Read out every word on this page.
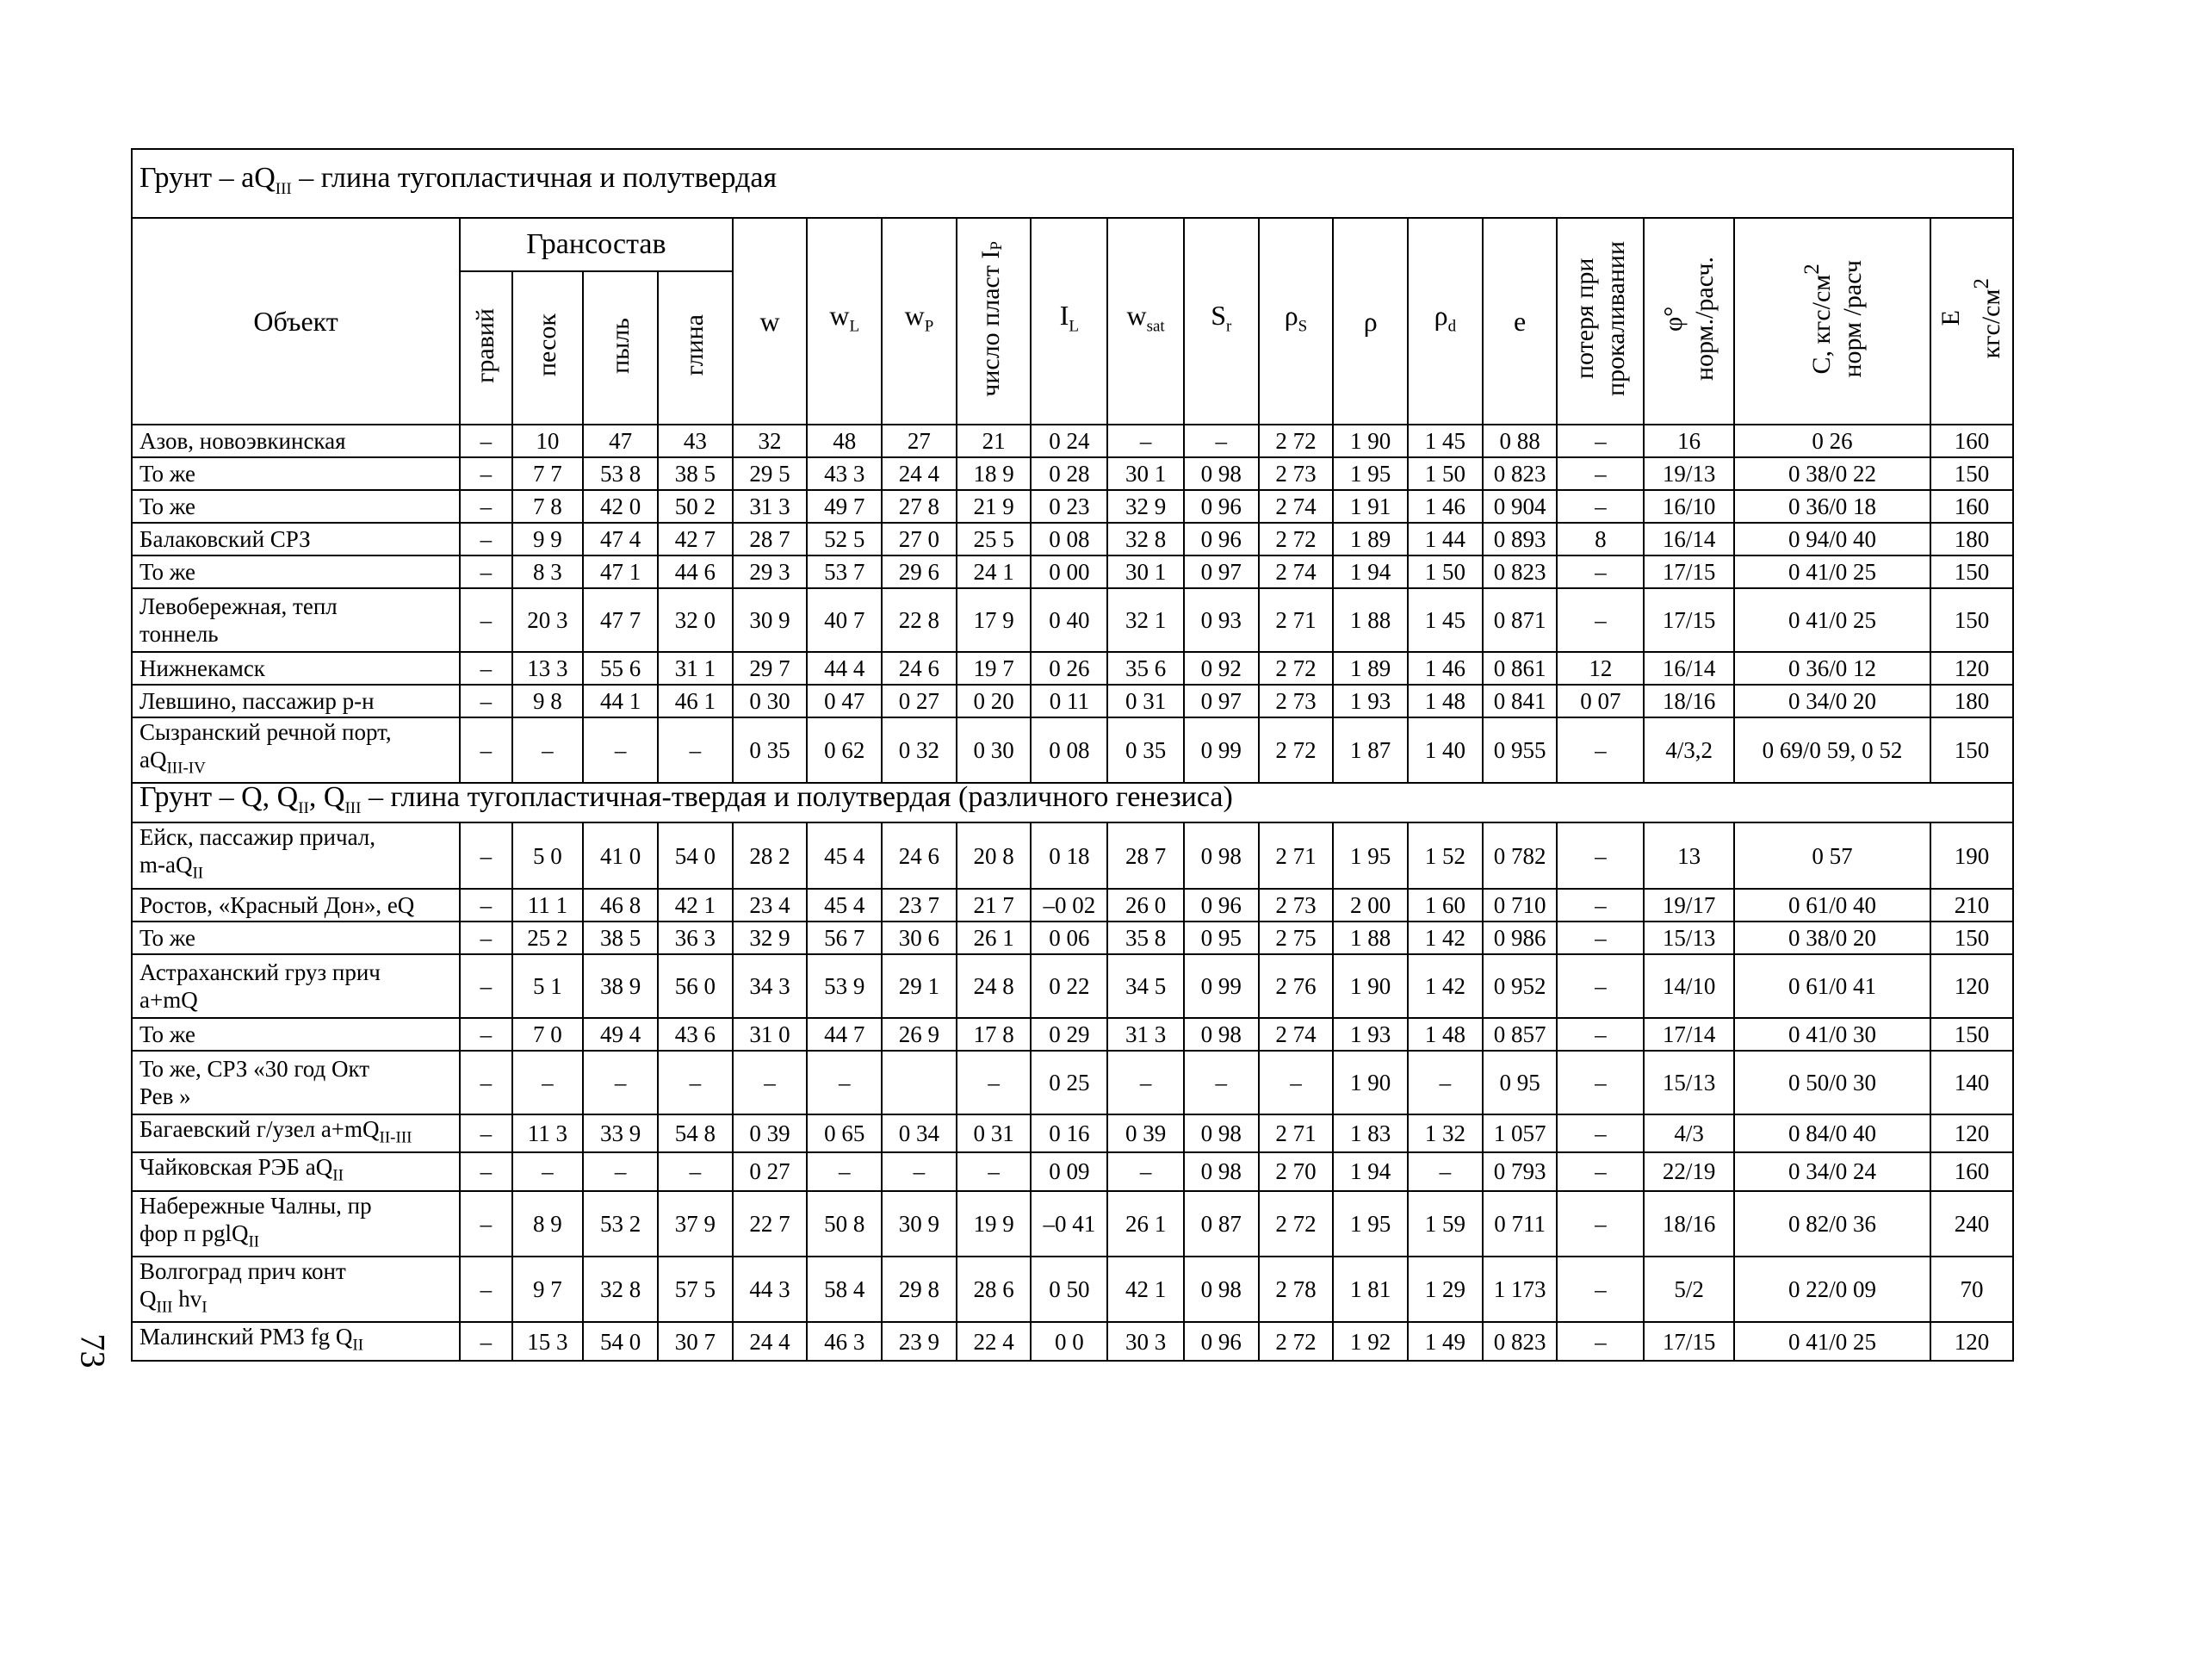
Грунт – $aQ_{III}$ – глина тугопластичная и полутвердая																			
Объект	Грансостав				w	$w_L$	$w_P$	число пласт $I_P$	$I_L$	$w_{sat}$	$S_r$	$\rho_S$	ρ	$\rho_d$	e	потеря при прокаливании	φ° норм./расч.	C, кгс/$см^2$ норм /расч	E кгс/$см^2$
	гравий	песок	пыль	глина															
Азов, новоэвкинская	–	10	47	43	32	48	27	21	0 24	–	–	2 72	1 90	1 45	0 88	–	16	0 26	160
То же	–	7 7	53 8	38 5	29 5	43 3	24 4	18 9	0 28	30 1	0 98	2 73	1 95	1 50	0 823	–	19/13	0 38/0 22	150
То же	–	7 8	42 0	50 2	31 3	49 7	27 8	21 9	0 23	32 9	0 96	2 74	1 91	1 46	0 904	–	16/10	0 36/0 18	160
Балаковский СРЗ	–	9 9	47 4	42 7	28 7	52 5	27 0	25 5	0 08	32 8	0 96	2 72	1 89	1 44	0 893	8	16/14	0 94/0 40	180
То же	–	8 3	47 1	44 6	29 3	53 7	29 6	24 1	0 00	30 1	0 97	2 74	1 94	1 50	0 823	–	17/15	0 41/0 25	150
Левобережная, тепл
тоннель	–	20 3	47 7	32 0	30 9	40 7	22 8	17 9	0 40	32 1	0 93	2 71	1 88	1 45	0 871	–	17/15	0 41/0 25	150
Нижнекамск	–	13 3	55 6	31 1	29 7	44 4	24 6	19 7	0 26	35 6	0 92	2 72	1 89	1 46	0 861	12	16/14	0 36/0 12	120
Левшино, пассажир р-н	–	9 8	44 1	46 1	0 30	0 47	0 27	0 20	0 11	0 31	0 97	2 73	1 93	1 48	0 841	0 07	18/16	0 34/0 20	180
Сызранский речной порт,
$aQ_{III-IV}$	–	–	–	–	0 35	0 62	0 32	0 30	0 08	0 35	0 99	2 72	1 87	1 40	0 955	–	4/3,2	0 69/0 59, 0 52	150
Грунт – Q, $Q_{II}$, $Q_{III}$ – глина тугопластичная-твердая и полутвердая (различного генезиса)																			
Ейск, пассажир причал,
$m-aQ_{II}$	–	5 0	41 0	54 0	28 2	45 4	24 6	20 8	0 18	28 7	0 98	2 71	1 95	1 52	0 782	–	13	0 57	190
Ростов, «Красный Дон», eQ	–	11 1	46 8	42 1	23 4	45 4	23 7	21 7	–0 02	26 0	0 96	2 73	2 00	1 60	0 710	–	19/17	0 61/0 40	210
То же	–	25 2	38 5	36 3	32 9	56 7	30 6	26 1	0 06	35 8	0 95	2 75	1 88	1 42	0 986	–	15/13	0 38/0 20	150
Астраханский груз прич
a+mQ	–	5 1	38 9	56 0	34 3	53 9	29 1	24 8	0 22	34 5	0 99	2 76	1 90	1 42	0 952	–	14/10	0 61/0 41	120
То же	–	7 0	49 4	43 6	31 0	44 7	26 9	17 8	0 29	31 3	0 98	2 74	1 93	1 48	0 857	–	17/14	0 41/0 30	150
То же, СРЗ «30 год Окт
Рев »	–	–	–	–	–	–		–	0 25	–	–	–	1 90	–	0 95	–	15/13	0 50/0 30	140
Багаевский г/узел $a+mQ_{II-III}$	–	11 3	33 9	54 8	0 39	0 65	0 34	0 31	0 16	0 39	0 98	2 71	1 83	1 32	1 057	–	4/3	0 84/0 40	120
Чайковская РЭБ $aQ_{II}$	–	–	–	–	0 27	–	–	–	0 09	–	0 98	2 70	1 94	–	0 793	–	22/19	0 34/0 24	160
Набережные Чалны, пр
фор п pglQ$_{II}$	–	8 9	53 2	37 9	22 7	50 8	30 9	19 9	–0 41	26 1	0 87	2 72	1 95	1 59	0 711	–	18/16	0 82/0 36	240
Волгоград прич конт
$Q_{III}$ $hv_I$	–	9 7	32 8	57 5	44 3	58 4	29 8	28 6	0 50	42 1	0 98	2 78	1 81	1 29	1 173	–	5/2	0 22/0 09	70
Малинский РМЗ fg $Q_{II}$	–	15 3	54 0	30 7	24 4	46 3	23 9	22 4	0 0	30 3	0 96	2 72	1 92	1 49	0 823	–	17/15	0 41/0 25	120
73
